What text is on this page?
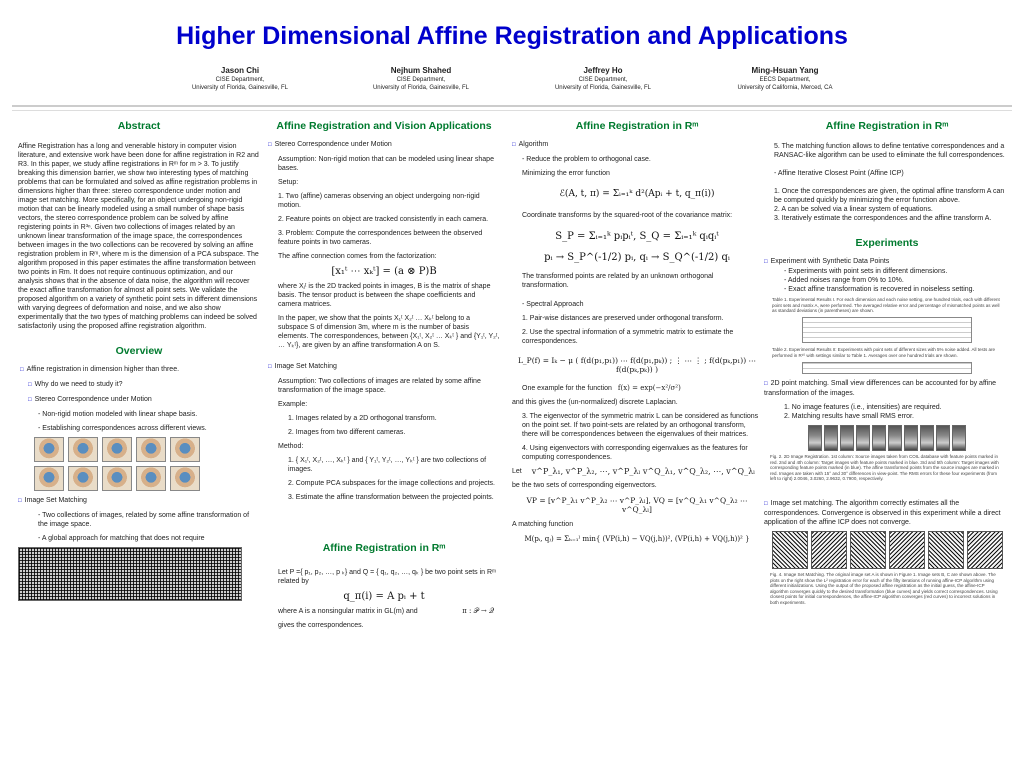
Higher Dimensional Affine Registration and Applications
Jason Chi
CISE Department,
University of Florida, Gainesville, FL
Nejhum Shahed
CISE Department,
University of Florida, Gainesville, FL
Jeffrey Ho
CISE Department,
University of Florida, Gainesville, FL
Ming-Hsuan Yang
EECS Department,
University of California, Merced, CA
Abstract
Affine Registration has a long and venerable history in computer vision literature, and extensive work have been done for affine registration in R2 and R3. In this paper, we study affine registrations in Rᵐ for m > 3. To justify breaking this dimension barrier, we show two interesting types of matching problems that can be formulated and solved as affine registration problems in dimensions higher than three: stereo correspondence under motion and image set matching. More specifically, for an object undergoing non-rigid motion that can be linearly modeled using a small number of shape basis vectors, the stereo correspondence problem can be solved by affine registering points in R³ⁿ. Given two collections of images related by an unknown linear transformation of the image space, the correspondences between images in the two collections can be recovered by solving an affine registration problem in Rᵐ, where m is the dimension of a PCA subspace. The algorithm proposed in this paper estimates the affine transformation between two points in Rm. It does not require continuous optimization, and our analysis shows that in the absence of data noise, the algorithm will recover the exact affine transformation for almost all point sets. We validate the proposed algorithm on a variety of synthetic point sets in different dimensions with varying degrees of deformation and noise, and we also show experimentally that the two types of matching problems can indeed be solved satisfactorily using the proposed affine registration algorithm.
Overview
□ Affine registration in dimension higher than three.
□ Why do we need to study it?
□ Stereo Correspondence under Motion
- Non-rigid motion modeled with linear shape basis.
- Establishing correspondences across different views.
□ Image Set Matching
- Two collections of images, related by some affine transformation of the image space.
- A global approach for matching that does not require
Affine Registration and Vision Applications
□ Stereo Correspondence under Motion
Assumption: Non-rigid motion that can be modeled using linear shape bases.
Setup:
1. Two (affine) cameras observing an object undergoing non-rigid motion.
2. Feature points on object are tracked consistently in each camera.
3. Problem: Compute the correspondences between the observed feature points in two cameras.
The affine connection comes from the factorization:
[x₁ᵗ ⋯ xₖᵗ] = (a ⊗ P)B
where Xⱼᵗ is the 2D tracked points in images, B is the matrix of shape basis. The tensor product is between the shape coefficients and camera matrices.
In the paper, we show that the points X₁ᵗ X₂ᵗ … Xₖᵗ belong to a subspace S of dimension 3m, where m is the number of basis elements. The correspondences, between {X₁ᵗ, X₂ᵗ … Xₖᵗ } and {Y₁ᵗ, Y₂ᵗ, … Yₖᵗ}, are given by an affine transformation A on S.
□ Image Set Matching
Assumption: Two collections of images are related by some affine transformation of the image space.
Example:
1. Images related by a 2D orthogonal transform.
2. Images from two different cameras.
Method:
1. { X₁ᵗ, X₂ᵗ, …, Xₖᵗ } and { Y₁ᵗ, Y₂ᵗ, …, Yₖᵗ } are two collections of images.
2. Compute PCA subspaces for the image collections and projects.
3. Estimate the affine transformation between the projected points.
Affine Registration in Rᵐ
Let P ={ p₁, p₂, …, p ₖ} and Q = { q₁, q₂, …, qₖ } be two point sets in Rᵐ related by
q_π(i) = A pᵢ + t
where A is a nonsingular matrix in GL(m) and	π : 𝒫 → 𝒬
gives the correspondences.
Affine Registration in Rᵐ
□ Algorithm
- Reduce the problem to orthogonal case.
Minimizing the error function
ℰ(A, t, π) = Σᵢ₌₁ᵏ d²(Apᵢ + t, q_π(i))
Coordinate transforms by the squared-root of the covariance matrix:
S_P = Σᵢ₌₁ᵏ pᵢpᵢᵗ, S_Q = Σᵢ₌₁ᵏ qᵢqᵢᵗ
pᵢ → S_P^(-1/2) pᵢ, qᵢ → S_Q^(-1/2) qᵢ
The transformed points are related by an unknown orthogonal transformation.
- Spectral Approach
1. Pair-wise distances are preserved under orthogonal transform.
2. Use the spectral information of a symmetric matrix to estimate the correspondences.
L_P(f) = Iₖ − μ ( f(d(p₁,p₁)) ⋯ f(d(p₁,pₖ)) ; ⋮ ⋯ ⋮ ; f(d(pₖ,p₁)) ⋯ f(d(pₖ,pₖ)) )
One example for the function f(x) = exp(−x²/σ²)
and this gives the (un-normalized) discrete Laplacian.
3. The eigenvector of the symmetric matrix L can be considered as functions on the point set. If two point-sets are related by an orthogonal transform, there will be correspondences between the eigenvalues of their matrices.
4. Using eigenvectors with corresponding eigenvalues as the features for computing correspondences.
Let v^P_λ₁, v^P_λ₂, ⋯, v^P_λₗ v^Q_λ₁, v^Q_λ₂, ⋯, v^Q_λₗ
be the two sets of corresponding eigenvectors.
VP = [v^P_λ₁ v^P_λ₂ ⋯ v^P_λₗ], VQ = [v^Q_λ₁ v^Q_λ₂ ⋯ v^Q_λₗ]
A matching function
M(pᵢ, qⱼ) = Σₕ₌₁ˡ min{ (VP(i,h) − VQ(j,h))², (VP(i,h) + VQ(j,h))² }
Affine Registration in Rᵐ
5. The matching function allows to define tentative correspondences and a RANSAC-like algorithm can be used to eliminate the full correspondences.
- Affine Iterative Closest Point (Affine ICP)
1. Once the correspondences are given, the optimal affine transform A can be computed quickly by minimizing the error function above.
2. A can be solved via a linear system of equations.
3. Iteratively estimate the correspondences and the affine transform A.
Experiments
□ Experiment with Synthetic Data Points
- Experiments with point sets in different dimensions.
- Added noises range from 0% to 10%.
- Exact affine transformation is recovered in noiseless setting.
Table 1. Experimental Results I. For each dimension and each noise setting, one hundred trials, each with different point sets and matrix A, were performed. The averaged relative error and percentage of mismatched points as well as standard deviations (in parentheses) are shown.
Table 2. Experimental Results II: Experiments with point sets of different sizes with 5% noise added. All tests are performed in R¹⁰ with settings similar to Table 1. Averages over one hundred trials are shown.
□ 2D point matching. Small view differences can be accounted for by affine transformation of the images.
1. No image features (i.e., intensities) are required.
2. Matching results have small RMS error.
Fig. 2. 2D Image Registration. 1st column: Source images taken from COIL database with feature points marked in red. 2nd and 4th column: Target images with feature points marked in blue. 3rd and 5th column: Target images with corresponding feature points marked (in blue). The affine transformed points from the source images are marked in red. Images are taken with 15° and 30° differences in view-point. The RMS errors for these four experiments (from left to right) 2.0046, 3.0260, 2.9632, 0.7900, respectively.
□ Image set matching. The algorithm correctly estimates all the correspondences. Convergence is observed in this experiment while a direct application of the affine ICP does not converge.
Fig. 4. Image Set Matching. The original image set A is shown in Figure 1. Image sets B, C are shown above. The plots on the right show the L² registration error for each of the fifty iterations of running affine-ICP algorithm using different initializations. Using the output of the proposed affine registration as the initial guess, the affine-ICP algorithm converges quickly to the desired transformation (blue curves) and yields correct correspondences. Using closest points for initial correspondences, the affine-ICP algorithm converges (red curves) to incorrect solutions in both experiments.
